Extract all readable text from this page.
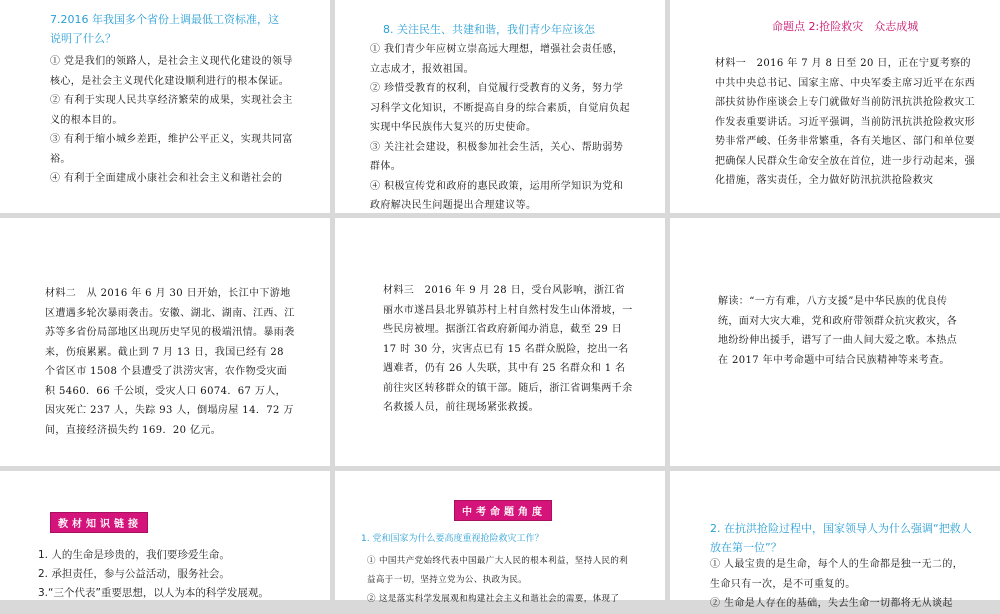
7.2016 年我国多个省份上调最低工资标准，这说明了什么？

① 党是我们的领路人，是社会主义现代化建设的领导核心，是社会主义现代化建设顺利进行的根本保证。

② 有利于实现人民共享经济繁荣的成果，实现社会主义的根本目的。

③ 有利于缩小城乡差距，维护公平正义，实现共同富裕。

④ 有利于全面建成小康社会和社会主义和谐社会的

8. 关注民生、共建和谐，我们青少年应该怎

① 我们青少年应树立崇高远大理想，增强社会责任感，立志成才，报效祖国。

② 珍惜受教育的权利，自觉履行受教育的义务，努力学习科学文化知识，不断提高自身的综合素质，自觉肩负起实现中华民族伟大复兴的历史使命。

③ 关注社会建设，积极参加社会生活，关心、帮助弱势群体。

④ 积极宣传党和政府的惠民政策，运用所学知识为党和政府解决民生问题提出合理建议等。

命题点 2:抢险救灾　众志成城
材料一　2016 年 7 月 8 日至 20 日，正在宁夏考察的中共中央总书记、国家主席、中央军委主席习近平在东西部扶贫协作座谈会上专门就做好当前防汛抗洪抢险救灾工作发表重要讲话。习近平强调，当前防汛抗洪抢险救灾形势非常严峻、任务非常繁重，各有关地区、部门和单位要把确保人民群众生命安全放在首位，进一步行动起来，强化措施，落实责任，全力做好防汛抗洪抢险救灾
材料二　从 2016 年 6 月 30 日开始，长江中下游地区遭遇多轮次暴雨袭击。安徽、湖北、湖南、江西、江苏等多省份局部地区出现历史罕见的极端汛情。暴雨袭来，伤痕累累。截止到 7 月 13 日，我国已经有 28 个省区市 1508 个县遭受了洪涝灾害，农作物受灾面积 5460．66 千公顷，受灾人口 6074．67 万人，因灾死亡 237 人，失踪 93 人，倒塌房屋 14．72 万间，直接经济损失约 169．20 亿元。
材料三　2016 年 9 月 28 日，受台风影响，浙江省丽水市遂昌县北界镇苏村上村自然村发生山体滑坡，一些民房被埋。据浙江省政府新闻办消息，截至 29 日 17 时 30 分，灾害点已有 15 名群众脱险，挖出一名遇难者，仍有 26 人失联，其中有 25 名群众和 1 名前往灾区转移群众的镇干部。随后，浙江省调集两千余名救援人员，前往现场紧张救援。
解读：“一方有难，八方支援”是中华民族的优良传统，面对大灾大难，党和政府带领群众抗灾救灾，各地纷纷伸出援手，谱写了一曲人间大爱之歌。本热点在 2017 年中考命题中可结合民族精神等来考查。
教材知识链接

1. 人的生命是珍贵的，我们要珍爱生命。

2. 承担责任，参与公益活动，服务社会。

3.“三个代表”重要思想，以人为本的科学发展观。

中考命题角度
1. 党和国家为什么要高度重视抢险救灾工作？

① 中国共产党始终代表中国最广大人民的根本利益，坚持人民的利益高于一切，坚持立党为公、执政为民。

② 这是落实科学发展观和构建社会主义和谐社会的需要，体现了

2. 在抗洪抢险过程中，国家领导人为什么强调“把救人放在第一位”？

① 人最宝贵的是生命，每个人的生命都是独一无二的，生命只有一次，是不可重复的。

② 生命是人存在的基础，失去生命一切都将无从谈起
